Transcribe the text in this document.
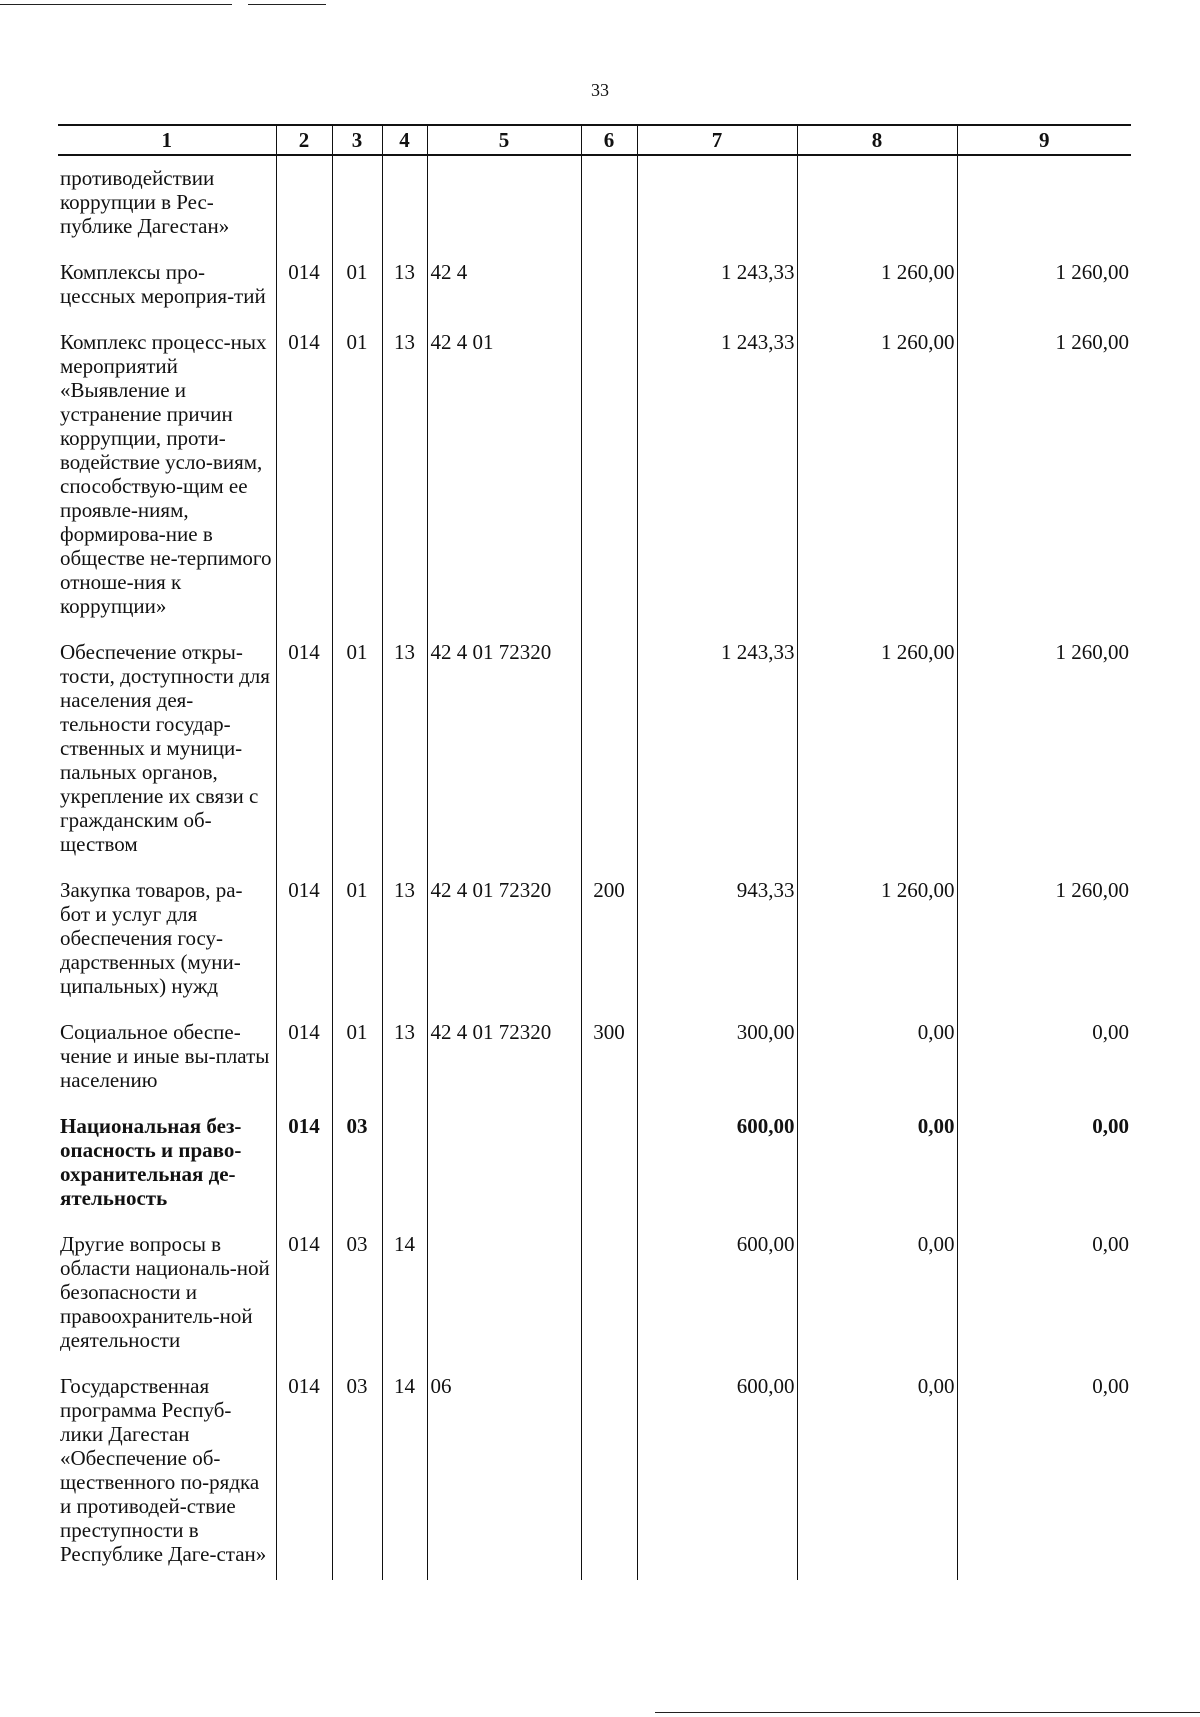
33
1	2	3	4	5	6	7	8	9
противодействии коррупции в Рес-публике Дагестан»								
Комплексы про-цессных мероприя-тий	014	01	13	42 4		1 243,33	1 260,00	1 260,00
Комплекс процесс-ных мероприятий «Выявление и устранение причин коррупции, проти-водействие усло-виям, способствую-щим ее проявле-ниям, формирова-ние в обществе не-терпимого отноше-ния к коррупции»	014	01	13	42 4 01		1 243,33	1 260,00	1 260,00
Обеспечение откры-тости, доступности для населения дея-тельности государ-ственных и муници-пальных органов, укрепление их связи с гражданским об-ществом	014	01	13	42 4 01 72320		1 243,33	1 260,00	1 260,00
Закупка товаров, ра-бот и услуг для обеспечения госу-дарственных (муни-ципальных) нужд	014	01	13	42 4 01 72320	200	943,33	1 260,00	1 260,00
Социальное обеспе-чение и иные вы-платы населению	014	01	13	42 4 01 72320	300	300,00	0,00	0,00
Национальная без-опасность и право-охранительная де-ятельность	014	03				600,00	0,00	0,00
Другие вопросы в области националь-ной безопасности и правоохранитель-ной деятельности	014	03	14			600,00	0,00	0,00
Государственная программа Респуб-лики Дагестан «Обеспечение об-щественного по-рядка и противодей-ствие преступности в Республике Даге-стан»	014	03	14	06		600,00	0,00	0,00
